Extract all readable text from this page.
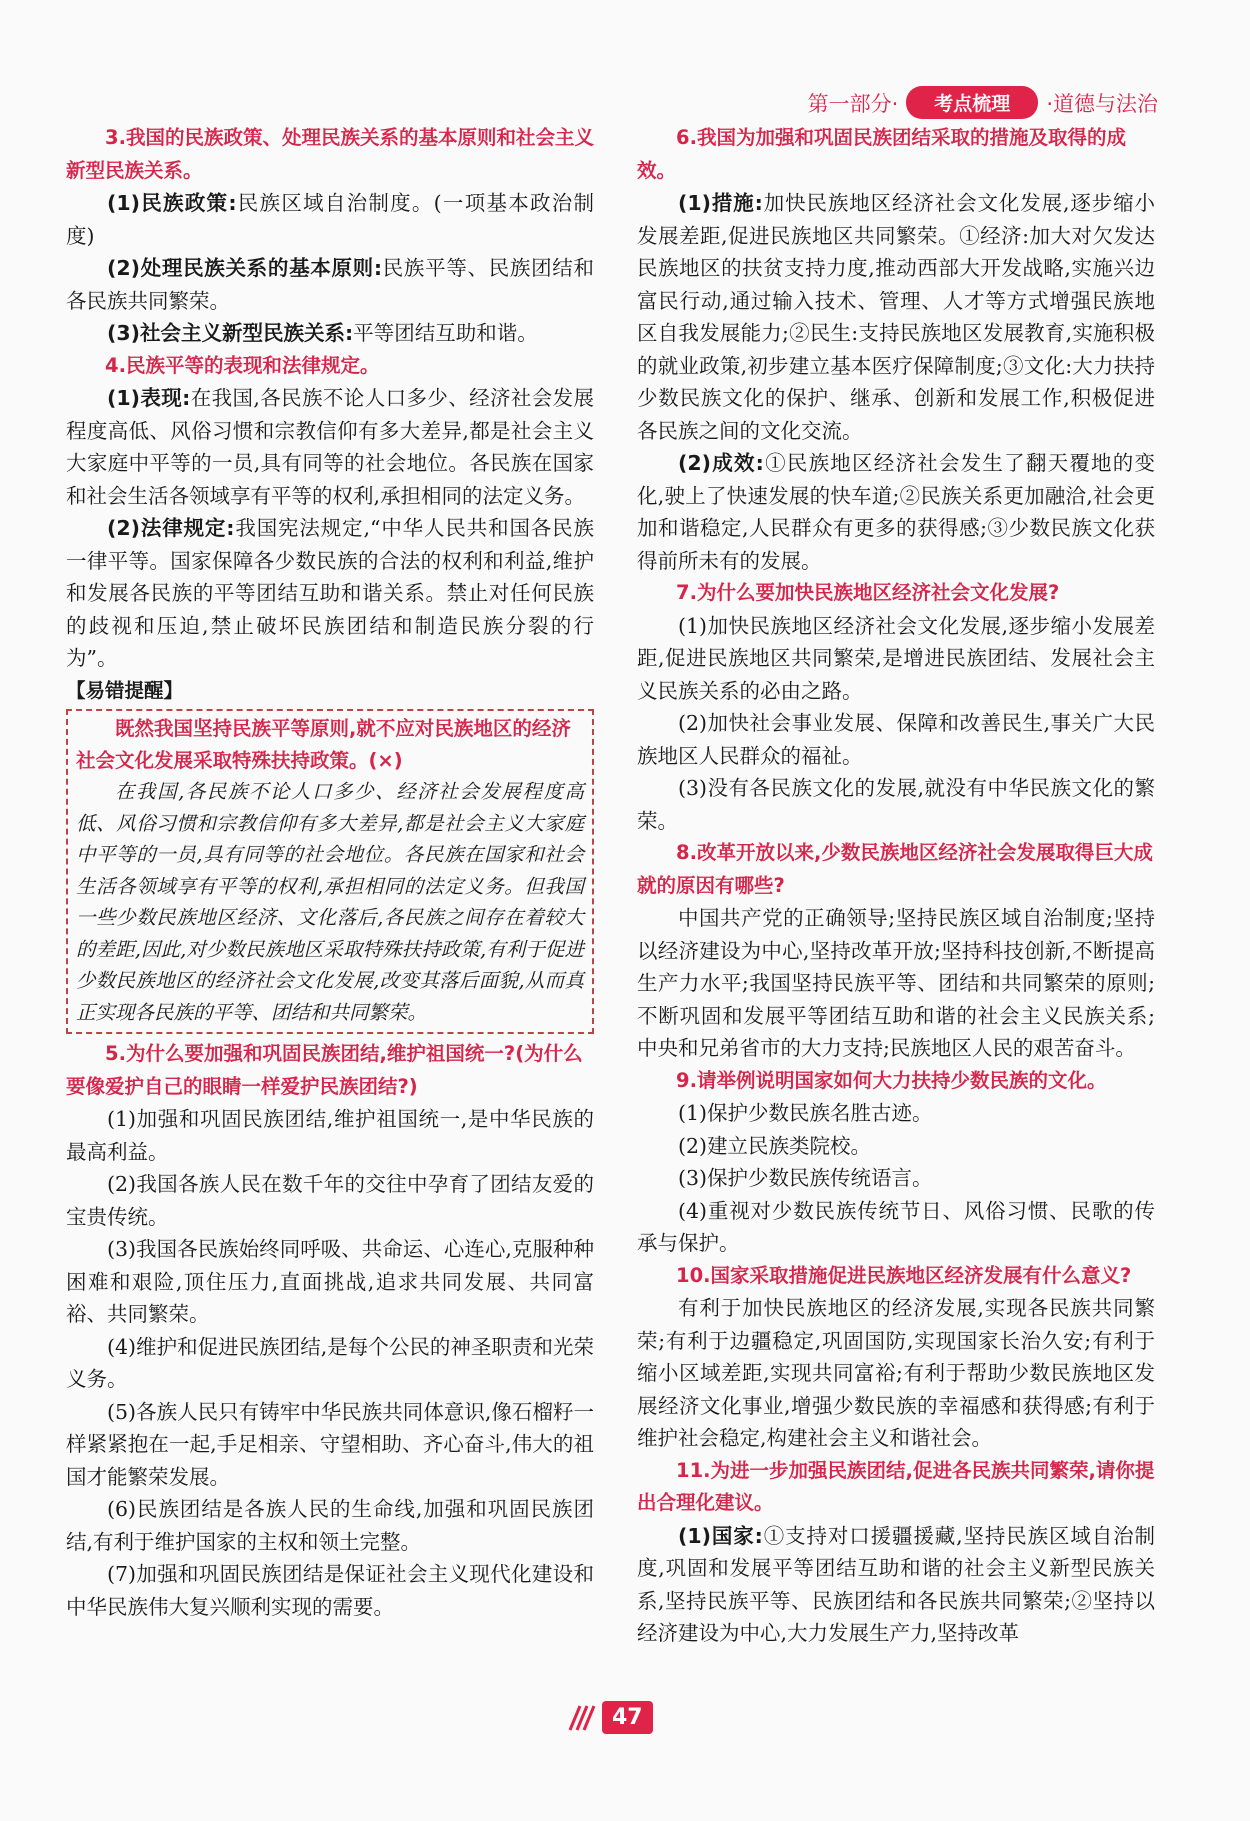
第一部分·	考点梳理	·道德与法治

3.我国的民族政策、处理民族关系的基本原则和社会主义新型民族关系。

(1)民族政策:民族区域自治制度。(一项基本政治制度)

(2)处理民族关系的基本原则:民族平等、民族团结和各民族共同繁荣。

(3)社会主义新型民族关系:平等团结互助和谐。

4.民族平等的表现和法律规定。

(1)表现:在我国,各民族不论人口多少、经济社会发展程度高低、风俗习惯和宗教信仰有多大差异,都是社会主义大家庭中平等的一员,具有同等的社会地位。各民族在国家和社会生活各领域享有平等的权利,承担相同的法定义务。

(2)法律规定:我国宪法规定,“中华人民共和国各民族一律平等。国家保障各少数民族的合法的权利和利益,维护和发展各民族的平等团结互助和谐关系。禁止对任何民族的歧视和压迫,禁止破坏民族团结和制造民族分裂的行为”。

【易错提醒】

既然我国坚持民族平等原则,就不应对民族地区的经济社会文化发展采取特殊扶持政策。(×)

在我国,各民族不论人口多少、经济社会发展程度高低、风俗习惯和宗教信仰有多大差异,都是社会主义大家庭中平等的一员,具有同等的社会地位。各民族在国家和社会生活各领域享有平等的权利,承担相同的法定义务。但我国一些少数民族地区经济、文化落后,各民族之间存在着较大的差距,因此,对少数民族地区采取特殊扶持政策,有利于促进少数民族地区的经济社会文化发展,改变其落后面貌,从而真正实现各民族的平等、团结和共同繁荣。

5.为什么要加强和巩固民族团结,维护祖国统一?(为什么要像爱护自己的眼睛一样爱护民族团结?)

(1)加强和巩固民族团结,维护祖国统一,是中华民族的最高利益。

(2)我国各族人民在数千年的交往中孕育了团结友爱的宝贵传统。

(3)我国各民族始终同呼吸、共命运、心连心,克服种种困难和艰险,顶住压力,直面挑战,追求共同发展、共同富裕、共同繁荣。

(4)维护和促进民族团结,是每个公民的神圣职责和光荣义务。

(5)各族人民只有铸牢中华民族共同体意识,像石榴籽一样紧紧抱在一起,手足相亲、守望相助、齐心奋斗,伟大的祖国才能繁荣发展。

(6)民族团结是各族人民的生命线,加强和巩固民族团结,有利于维护国家的主权和领土完整。

(7)加强和巩固民族团结是保证社会主义现代化建设和中华民族伟大复兴顺利实现的需要。

6.我国为加强和巩固民族团结采取的措施及取得的成效。

(1)措施:加快民族地区经济社会文化发展,逐步缩小发展差距,促进民族地区共同繁荣。①经济:加大对欠发达民族地区的扶贫支持力度,推动西部大开发战略,实施兴边富民行动,通过输入技术、管理、人才等方式增强民族地区自我发展能力;②民生:支持民族地区发展教育,实施积极的就业政策,初步建立基本医疗保障制度;③文化:大力扶持少数民族文化的保护、继承、创新和发展工作,积极促进各民族之间的文化交流。

(2)成效:①民族地区经济社会发生了翻天覆地的变化,驶上了快速发展的快车道;②民族关系更加融洽,社会更加和谐稳定,人民群众有更多的获得感;③少数民族文化获得前所未有的发展。

7.为什么要加快民族地区经济社会文化发展?

(1)加快民族地区经济社会文化发展,逐步缩小发展差距,促进民族地区共同繁荣,是增进民族团结、发展社会主义民族关系的必由之路。

(2)加快社会事业发展、保障和改善民生,事关广大民族地区人民群众的福祉。

(3)没有各民族文化的发展,就没有中华民族文化的繁荣。

8.改革开放以来,少数民族地区经济社会发展取得巨大成就的原因有哪些?

中国共产党的正确领导;坚持民族区域自治制度;坚持以经济建设为中心,坚持改革开放;坚持科技创新,不断提高生产力水平;我国坚持民族平等、团结和共同繁荣的原则;不断巩固和发展平等团结互助和谐的社会主义民族关系;中央和兄弟省市的大力支持;民族地区人民的艰苦奋斗。

9.请举例说明国家如何大力扶持少数民族的文化。

(1)保护少数民族名胜古迹。

(2)建立民族类院校。

(3)保护少数民族传统语言。

(4)重视对少数民族传统节日、风俗习惯、民歌的传承与保护。

10.国家采取措施促进民族地区经济发展有什么意义?

有利于加快民族地区的经济发展,实现各民族共同繁荣;有利于边疆稳定,巩固国防,实现国家长治久安;有利于缩小区域差距,实现共同富裕;有利于帮助少数民族地区发展经济文化事业,增强少数民族的幸福感和获得感;有利于维护社会稳定,构建社会主义和谐社会。

11.为进一步加强民族团结,促进各民族共同繁荣,请你提出合理化建议。

(1)国家:①支持对口援疆援藏,坚持民族区域自治制度,巩固和发展平等团结互助和谐的社会主义新型民族关系,坚持民族平等、民族团结和各民族共同繁荣;②坚持以经济建设为中心,大力发展生产力,坚持改革

47
